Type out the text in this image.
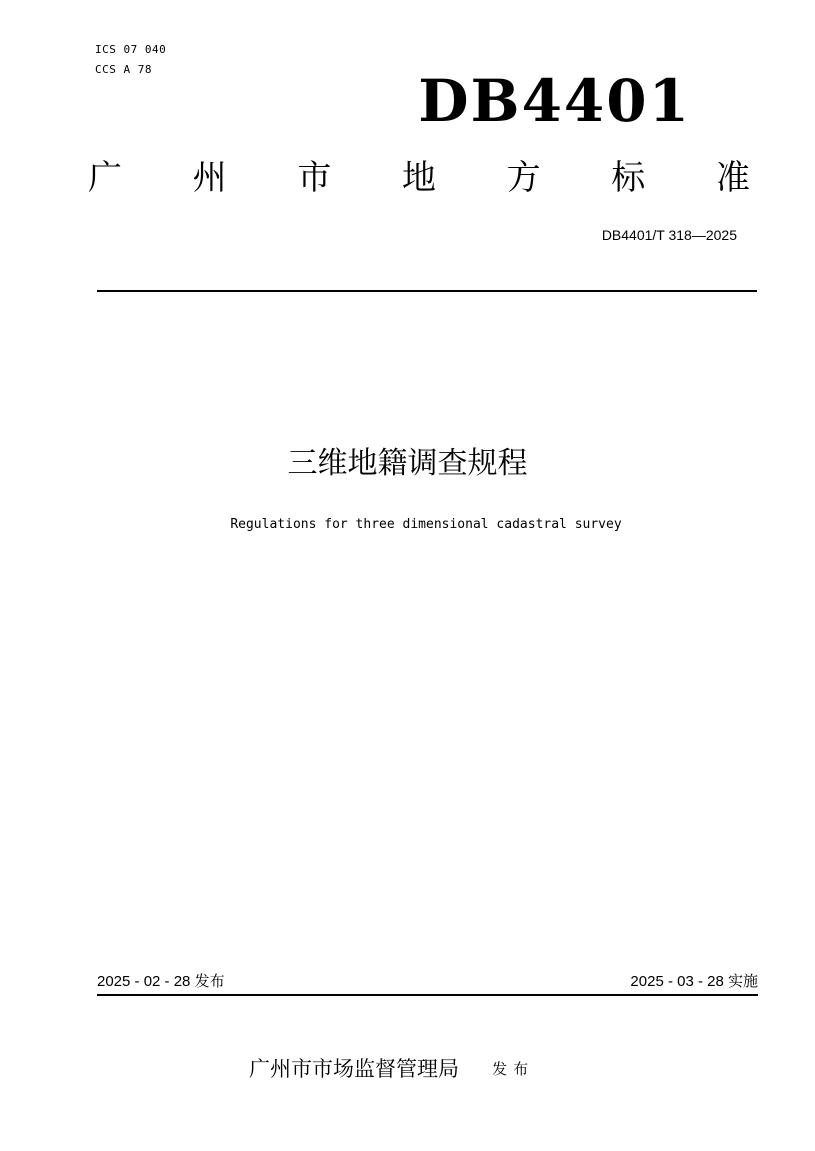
ICS 07 040
CCS A 78	DB4401
广 州 市 地 方 标 准
DB4401/T 318—2025
三维地籍调查规程
Regulations for three dimensional cadastral survey
2025 - 02 - 28 发布	2025 - 03 - 28 实施
广州市市场监督管理局 发布
